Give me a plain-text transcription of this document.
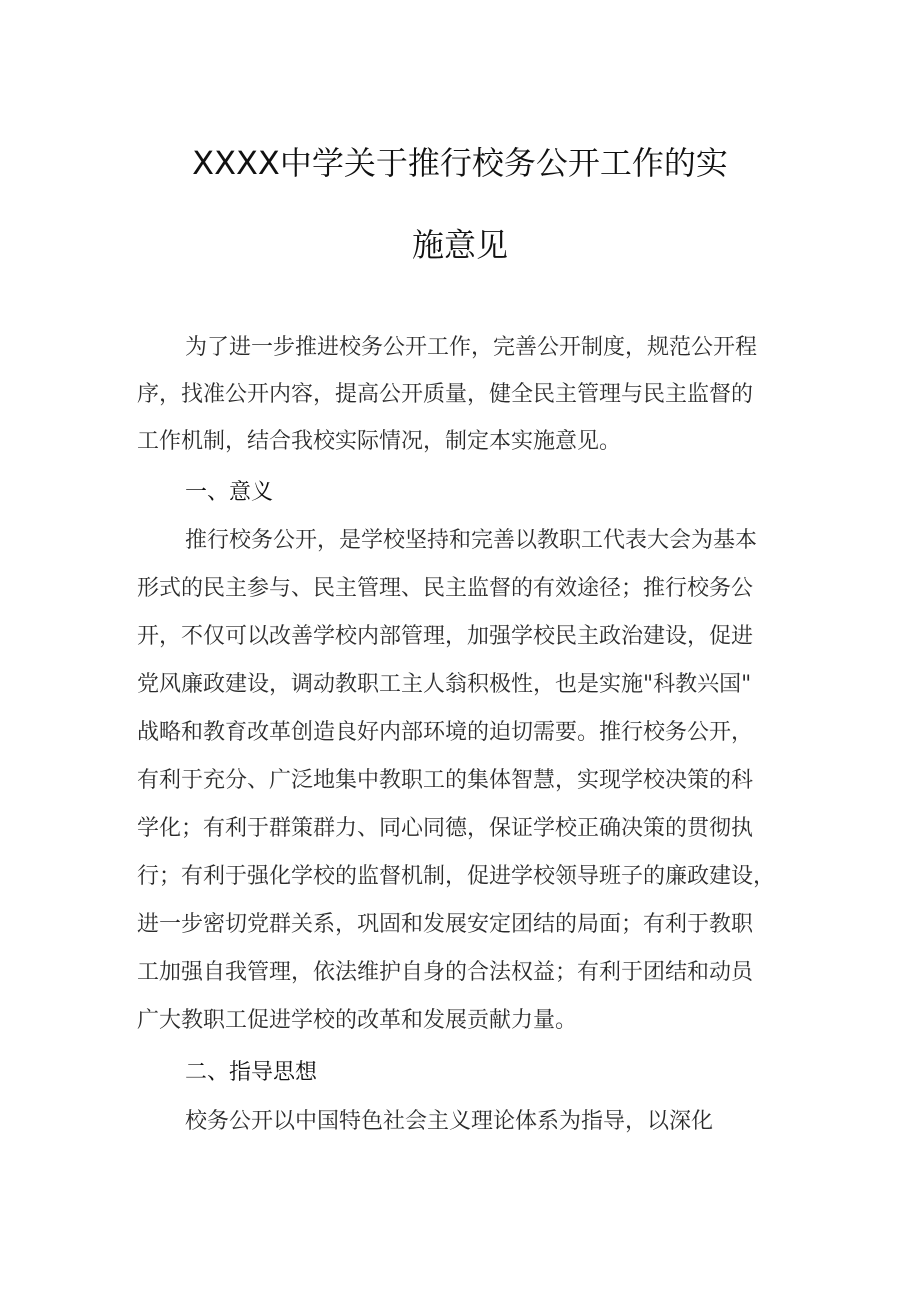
XXXX中学关于推行校务公开工作的实
施意见
为了进一步推进校务公开工作，完善公开制度，规范公开程
序，找准公开内容，提高公开质量，健全民主管理与民主监督的
工作机制，结合我校实际情况，制定本实施意见。
一、意义
推行校务公开，是学校坚持和完善以教职工代表大会为基本
形式的民主参与、民主管理、民主监督的有效途径；推行校务公
开，不仅可以改善学校内部管理，加强学校民主政治建设，促进
党风廉政建设，调动教职工主人翁积极性，也是实施"科教兴国"
战略和教育改革创造良好内部环境的迫切需要。推行校务公开，
有利于充分、广泛地集中教职工的集体智慧，实现学校决策的科
学化；有利于群策群力、同心同德，保证学校正确决策的贯彻执
行；有利于强化学校的监督机制，促进学校领导班子的廉政建设，
进一步密切党群关系，巩固和发展安定团结的局面；有利于教职
工加强自我管理，依法维护自身的合法权益；有利于团结和动员
广大教职工促进学校的改革和发展贡献力量。
二、指导思想
校务公开以中国特色社会主义理论体系为指导，以深化
